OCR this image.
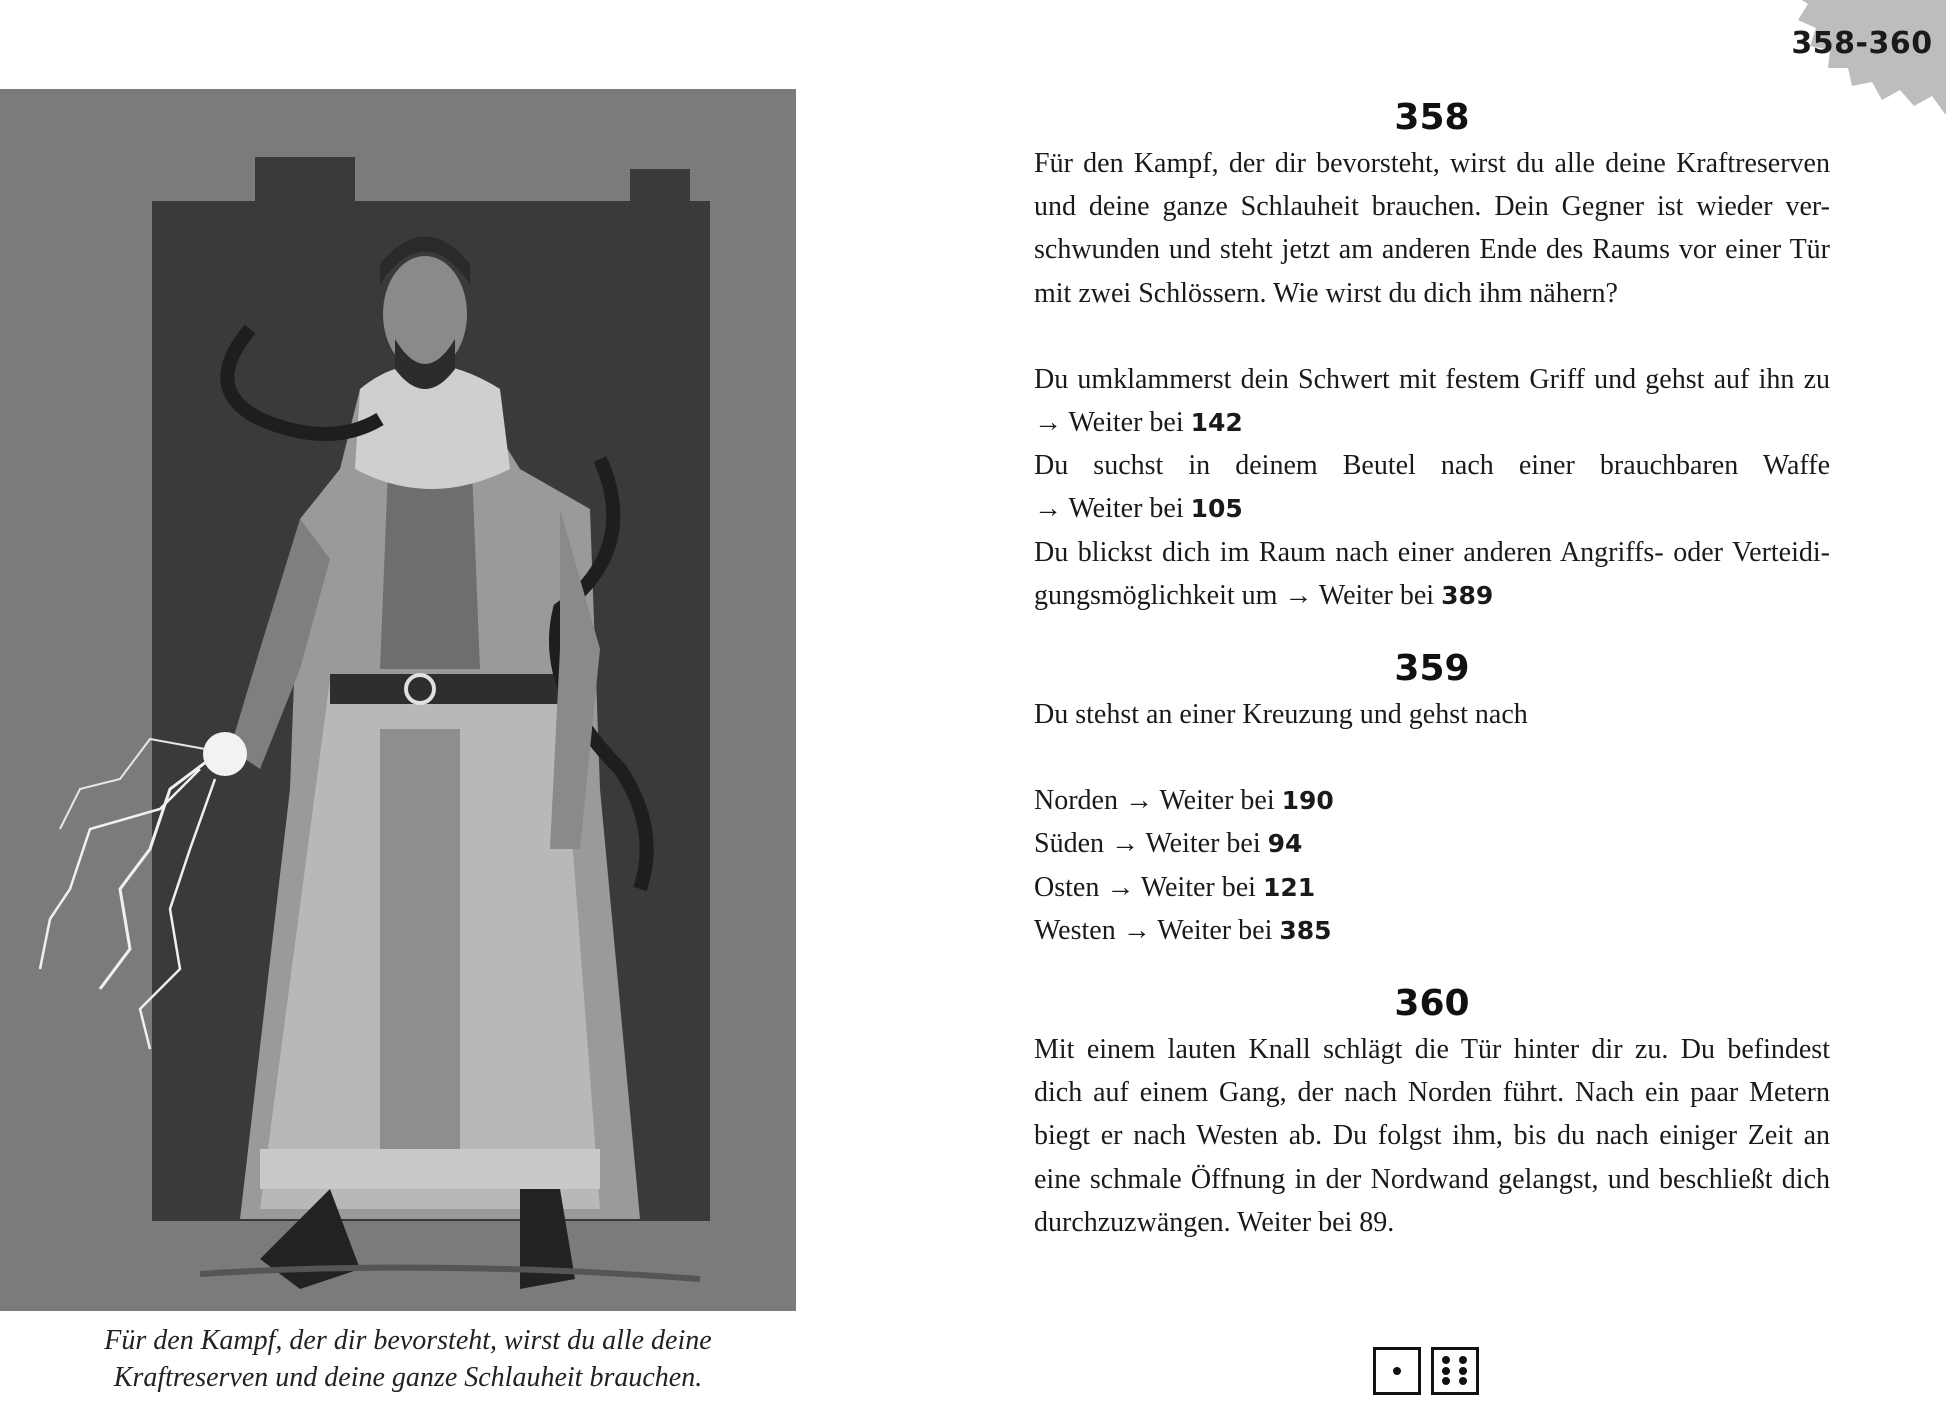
358-360
Für den Kampf, der dir bevorsteht, wirst du alle deine
Kraftreserven und deine ganze Schlauheit brauchen.
358
Für den Kampf, der dir bevorsteht, wirst du alle deine Kraftreserven
und deine ganze Schlauheit brauchen. Dein Gegner ist wieder ver-
schwunden und steht jetzt am anderen Ende des Raums vor einer Tür
mit zwei Schlössern. Wie wirst du dich ihm nähern?
Du umklammerst dein Schwert mit festem Griff und gehst auf ihn zu
→ Weiter bei 142
Du suchst in deinem Beutel nach einer brauchbaren Waffe
→ Weiter bei 105
Du blickst dich im Raum nach einer anderen Angriffs- oder Verteidi-
gungsmöglichkeit um → Weiter bei 389
359
Du stehst an einer Kreuzung und gehst nach
Norden → Weiter bei 190
Süden → Weiter bei 94
Osten → Weiter bei 121
Westen → Weiter bei 385
360
Mit einem lauten Knall schlägt die Tür hinter dir zu. Du befindest
dich auf einem Gang, der nach Norden führt. Nach ein paar Metern
biegt er nach Westen ab. Du folgst ihm, bis du nach einiger Zeit an
eine schmale Öffnung in der Nordwand gelangst, und beschließt dich
durchzuzwängen. Weiter bei 89.
